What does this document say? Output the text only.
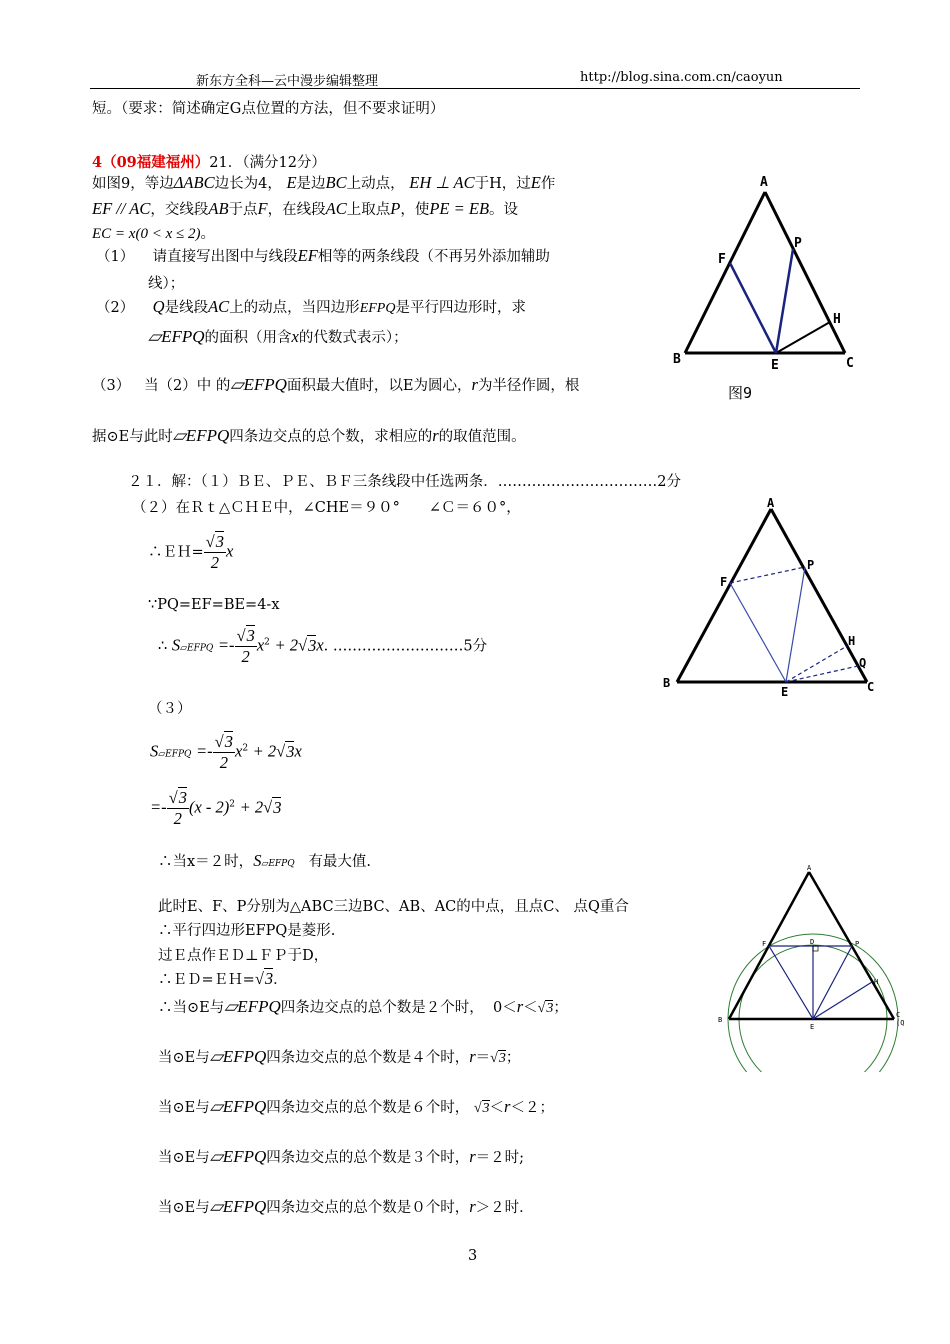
新东方全科—云中漫步编辑整理	http://blog.sina.com.cn/caoyun
短。（要求：简述确定G点位置的方法，但不要求证明）
4（09福建福州）21．（满分12分）
如图9，等边ΔABC边长为4， E是边BC上动点， EH ⊥ AC于H，过E作
EF // AC，交线段AB于点F，在线段AC上取点P，使PE = EB。设
EC = x(0 < x ≤ 2)。
（1） 请直接写出图中与线段EF相等的两条线段（不再另外添加辅助
线）；
（2） Q是线段AC上的动点，当四边形EFPQ是平行四边形时，求
▱EFPQ的面积（用含x的代数式表示）；
（3） 当（2）中 的▱EFPQ面积最大值时，以E为圆心，r为半径作圆，根
据⊙E与此时▱EFPQ四条边交点的总个数，求相应的r的取值范围。
A
B	C
E
F
P
H
图9
２１．解：（１）ＢＥ、ＰＥ、ＢＦ三条线段中任选两条．……………………………2分
（２）在Ｒｔ△ＣＨＥ中，∠CHE＝９０°　　∠Ｃ＝６０°，
∴ＥＨ= $\frac{√3}{2}$ x
∵PQ=EF=BE=4-x
∴ S▱EFPQ =- $\frac{√3}{2} x^2 + 2√3x$. ………………………5分
（３）
S▱EFPQ =- $\frac{√3}{2} x^2 + 2√3x$
=- $\frac{√3}{2} (x - 2)^2 + 2√3$
∴当x＝２时，S▱EFPQ 有最大值.
此时E、F、P分别为△ABC三边BC、AB、AC的中点，且点C、 点Q重合
∴平行四边形EFPQ是菱形.
过Ｅ点作ＥＤ⊥ＦＰ于D，
∴ＥＤ=ＥＨ=√3．
∴当⊙E与▱EFPQ四条边交点的总个数是２个时， 0＜r＜√3；
当⊙E与▱EFPQ四条边交点的总个数是４个时，r＝√3；
当⊙E与▱EFPQ四条边交点的总个数是６个时， √3＜r＜２；
当⊙E与▱EFPQ四条边交点的总个数是３个时，r＝２时;
当⊙E与▱EFPQ四条边交点的总个数是０个时，r＞２时．
A
B	C
E
F
P
H
Q
A
B
C
(Q
E
F	P
D
H
3
